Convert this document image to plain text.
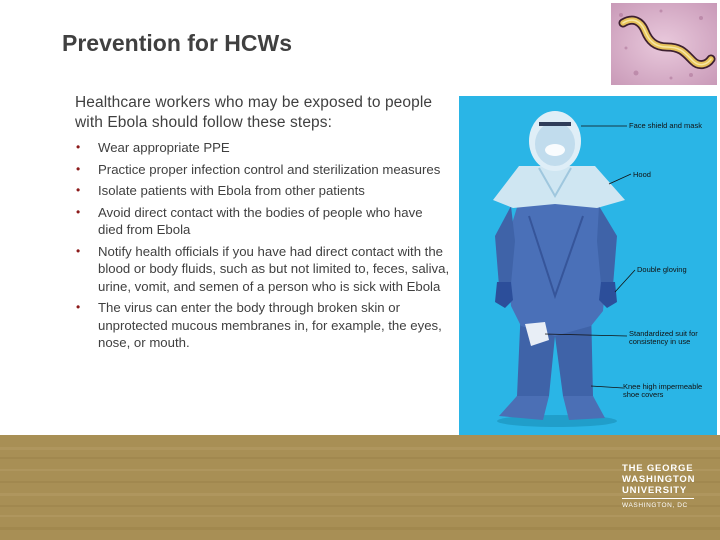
Prevention for HCWs

Healthcare workers who may be exposed to people with Ebola should follow these steps:

• Wear appropriate PPE
• Practice proper infection control and sterilization measures
• Isolate patients with Ebola from other patients
• Avoid direct contact with the bodies of people who have died from Ebola
• Notify health officials if you have had direct contact with the blood or body fluids, such as but not limited to, feces, saliva, urine, vomit, and semen of a person who is sick with Ebola
• The virus can enter the body through broken skin or unprotected mucous membranes in, for example, the eyes, nose, or mouth.
Face shield and mask
Hood
Double gloving
Standardized suit for consistency in use
Knee high impermeable shoe covers
THE GEORGE
WASHINGTON
UNIVERSITY
WASHINGTON, DC
